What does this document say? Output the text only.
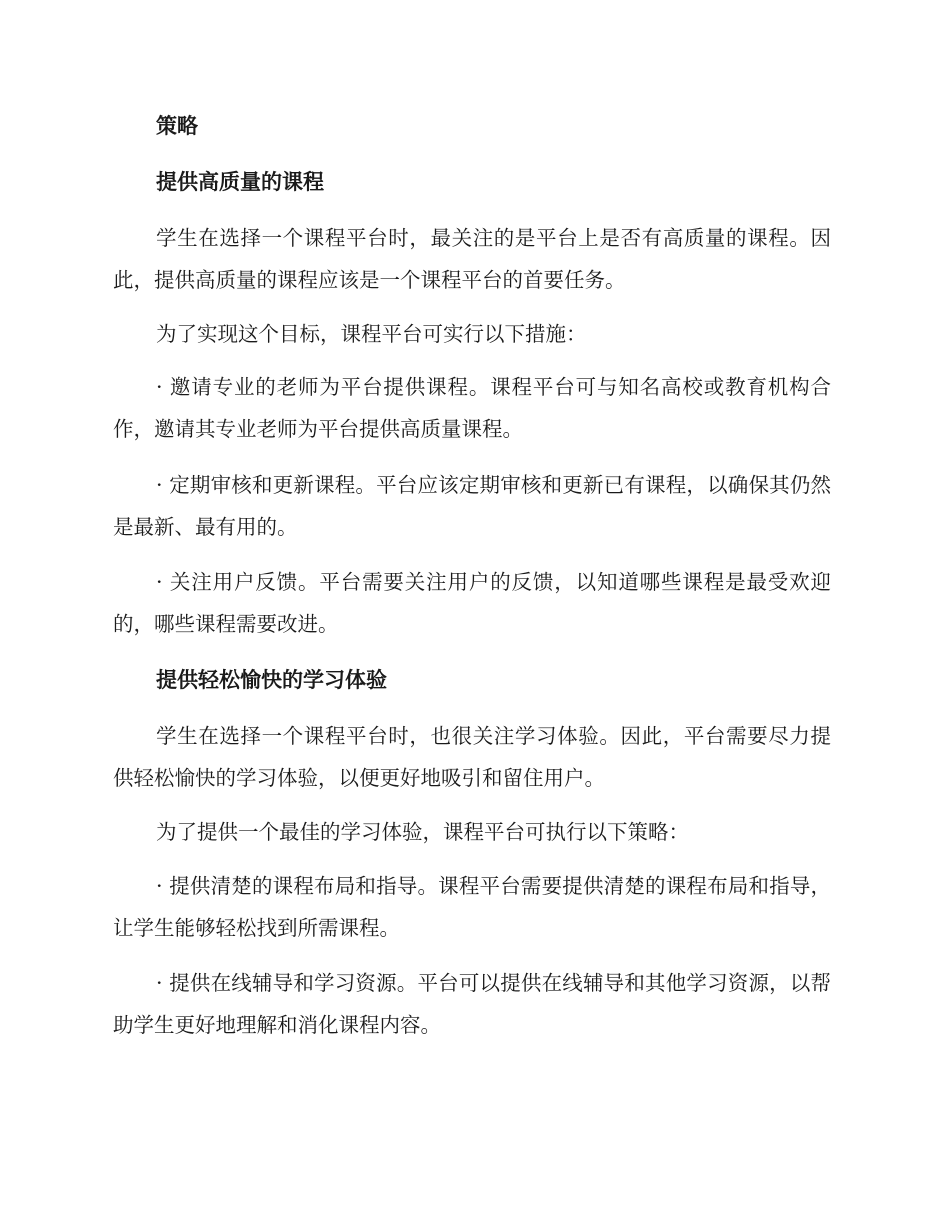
策略
提供高质量的课程

学生在选择一个课程平台时，最关注的是平台上是否有高质量的课程。因此，提供高质量的课程应该是一个课程平台的首要任务。

为了实现这个目标，课程平台可实行以下措施：

· 邀请专业的老师为平台提供课程。课程平台可与知名高校或教育机构合作，邀请其专业老师为平台提供高质量课程。

· 定期审核和更新课程。平台应该定期审核和更新已有课程，以确保其仍然是最新、最有用的。

· 关注用户反馈。平台需要关注用户的反馈，以知道哪些课程是最受欢迎的，哪些课程需要改进。

提供轻松愉快的学习体验

学生在选择一个课程平台时，也很关注学习体验。因此，平台需要尽力提供轻松愉快的学习体验，以便更好地吸引和留住用户。

为了提供一个最佳的学习体验，课程平台可执行以下策略：

· 提供清楚的课程布局和指导。课程平台需要提供清楚的课程布局和指导，让学生能够轻松找到所需课程。

· 提供在线辅导和学习资源。平台可以提供在线辅导和其他学习资源，以帮助学生更好地理解和消化课程内容。
